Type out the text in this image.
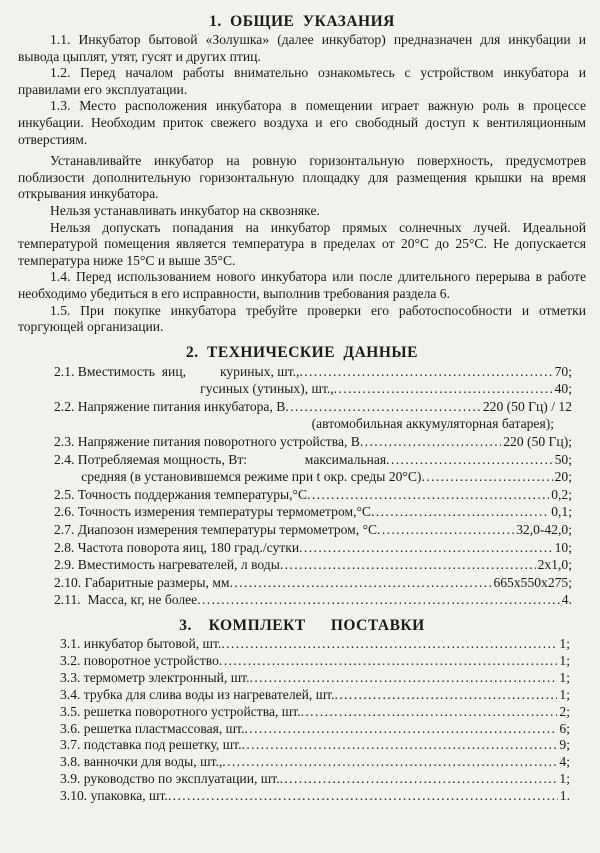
1. ОБЩИЕ УКАЗАНИЯ

1.1. Инкубатор бытовой «Золушка» (далее инкубатор) предназначен для инкубации и вывода цыплят, утят, гусят и других птиц.

1.2. Перед началом работы внимательно ознакомьтесь с устройством инкубатора и правилами его эксплуатации.

1.3. Место расположения инкубатора в помещении играет важную роль в процессе инкубации. Необходим приток свежего воздуха и его свободный доступ к вентиляционным отверстиям.

Устанавливайте инкубатор на ровную горизонтальную поверхность, предусмотрев поблизости дополнительную горизонтальную площадку для размещения крышки на время открывания инкубатора.

Нельзя устанавливать инкубатор на сквозняке.

Нельзя допускать попадания на инкубатор прямых солнечных лучей. Идеальной температурой помещения является температура в пределах от 20°С до 25°С. Не допускается температура ниже 15°С и выше 35°С.

1.4. Перед использованием нового инкубатора или после длительного перерыва в работе необходимо убедиться в его исправности, выполнив требования раздела 6.

1.5. При покупке инкубатора требуйте проверки его работоспособности и отметки торгующей организации.

2. ТЕХНИЧЕСКИЕ ДАННЫЕ
2.1. Вместимость  яиц,          куриных, шт., . . .	70;
гусиных (утиных), шт., . . .	40;
2.2. Напряжение питания инкубатора, В . . .	220 (50 Гц) / 12
(автомобильная аккумуляторная батарея);
2.3. Напряжение питания поворотного устройства, В . . .	220 (50 Гц);
2.4. Потребляемая мощность, Вт:                 максимальная . . .	50;
средняя (в установившемся режиме при t окр. среды 20°С) . . .	20;
2.5. Точность поддержания температуры,°С . . .	0,2;
2.6. Точность измерения температуры термометром,°С . . .	0,1;
2.7. Диапозон измерения температуры термометром, °С . . .	32,0-42,0;
2.8. Частота поворота яиц, 180 град./сутки . . .	10;
2.9. Вместимость нагревателей, л воды . . .	2х1,0;
2.10. Габаритные размеры, мм . . .	665х550х275;
2.11.  Масса, кг, не более . . .	4.
3.  КОМПЛЕКТ   ПОСТАВКИ
3.1. инкубатор бытовой, шт. . . .	1;
3.2. поворотное устройство . . .	1;
3.3. термометр электронный, шт. . . .	1;
3.4. трубка для слива воды из нагревателей, шт. . . .	1;
3.5. решетка поворотного устройства, шт. . . .	2;
3.6. решетка пластмассовая, шт. . . .	6;
3.7. подставка под решетку, шт. . . .	9;
3.8. ванночки для воды, шт., . . .	4;
3.9. руководство по эксплуатации, шт. . . .	1;
3.10. упаковка, шт. . . .	1.
